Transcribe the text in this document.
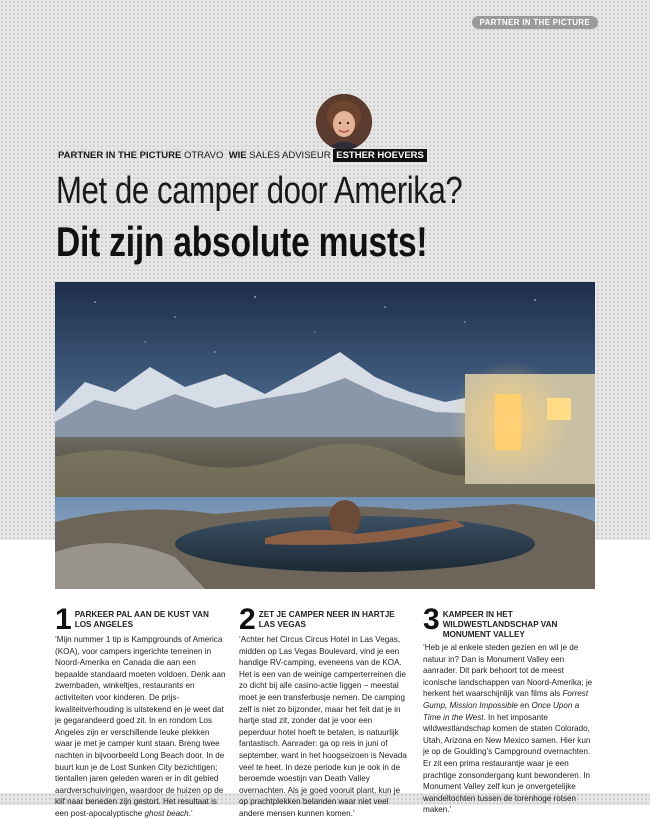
PARTNER IN THE PICTURE
PARTNER IN THE PICTURE OTRAVO WIE SALES ADVISEUR ESTHER HOEVERS
Met de camper door Amerika?
Dit zijn absolute musts!
1 PARKEER PAL AAN DE KUST VAN LOS ANGELES

‘Mijn nummer 1 tip is Kampgrounds of America (KOA), voor campers ingerichte terreinen in Noord-Amerika en Canada die aan een bepaalde standaard moeten voldoen. Denk aan zwembaden, winkeltjes, restaurants en activiteiten voor kinderen. De prijs-kwaliteitverhouding is uitstekend en je weet dat je gegarandeerd goed zit. In en rondom Los Angeles zijn er verschillende leuke plekken waar je met je camper kunt staan. Breng twee nachten in bijvoorbeeld Long Beach door. In de buurt kun je de Lost Sunken City bezichtigen; tientallen jaren geleden waren er in dit gebied aardverschuivingen, waardoor de huizen op de klif naar beneden zijn gestort. Het resultaat is een post-apocalyptische ghost beach.’

2 ZET JE CAMPER NEER IN HARTJE LAS VEGAS

‘Achter het Circus Circus Hotel in Las Vegas, midden op Las Vegas Boulevard, vind je een handige RV-camping, eveneens van de KOA. Het is een van de weinige camperterreinen die zo dicht bij alle casino-actie liggen – meestal moet je een transferbusje nemen. De camping zelf is niet zo bijzonder, maar het feit dat je in hartje stad zit, zonder dat je voor een peperduur hotel hoeft te betalen, is natuurlijk fantastisch. Aanrader: ga op reis in juni of september, want in het hoogseizoen is Nevada veel te heet. In deze periode kun je ook in de beroemde woestijn van Death Valley overnachten. Als je goed vooruit plant, kun je op prachtplekken belanden waar niet veel andere mensen kunnen komen.’

3 KAMPEER IN HET WILDWESTLANDSCHAP VAN MONUMENT VALLEY

‘Heb je al enkele steden gezien en wil je de natuur in? Dan is Monument Valley een aanrader. Dit park behoort tot de meest iconische landschappen van Noord-Amerika; je herkent het waarschijnlijk van films als Forrest Gump, Mission Impossible en Once Upon a Time in the West. In het imposante wildwestlandschap komen de staten Colorado, Utah, Arizona en New Mexico samen. Hier kun je op de Goulding’s Campground overnachten. Er zit een prima restaurantje waar je een prachtige zonsondergang kunt bewonderen. In Monument Valley zelf kun je onvergetelijke wandeltochten tussen de torenhoge rotsen maken.’
